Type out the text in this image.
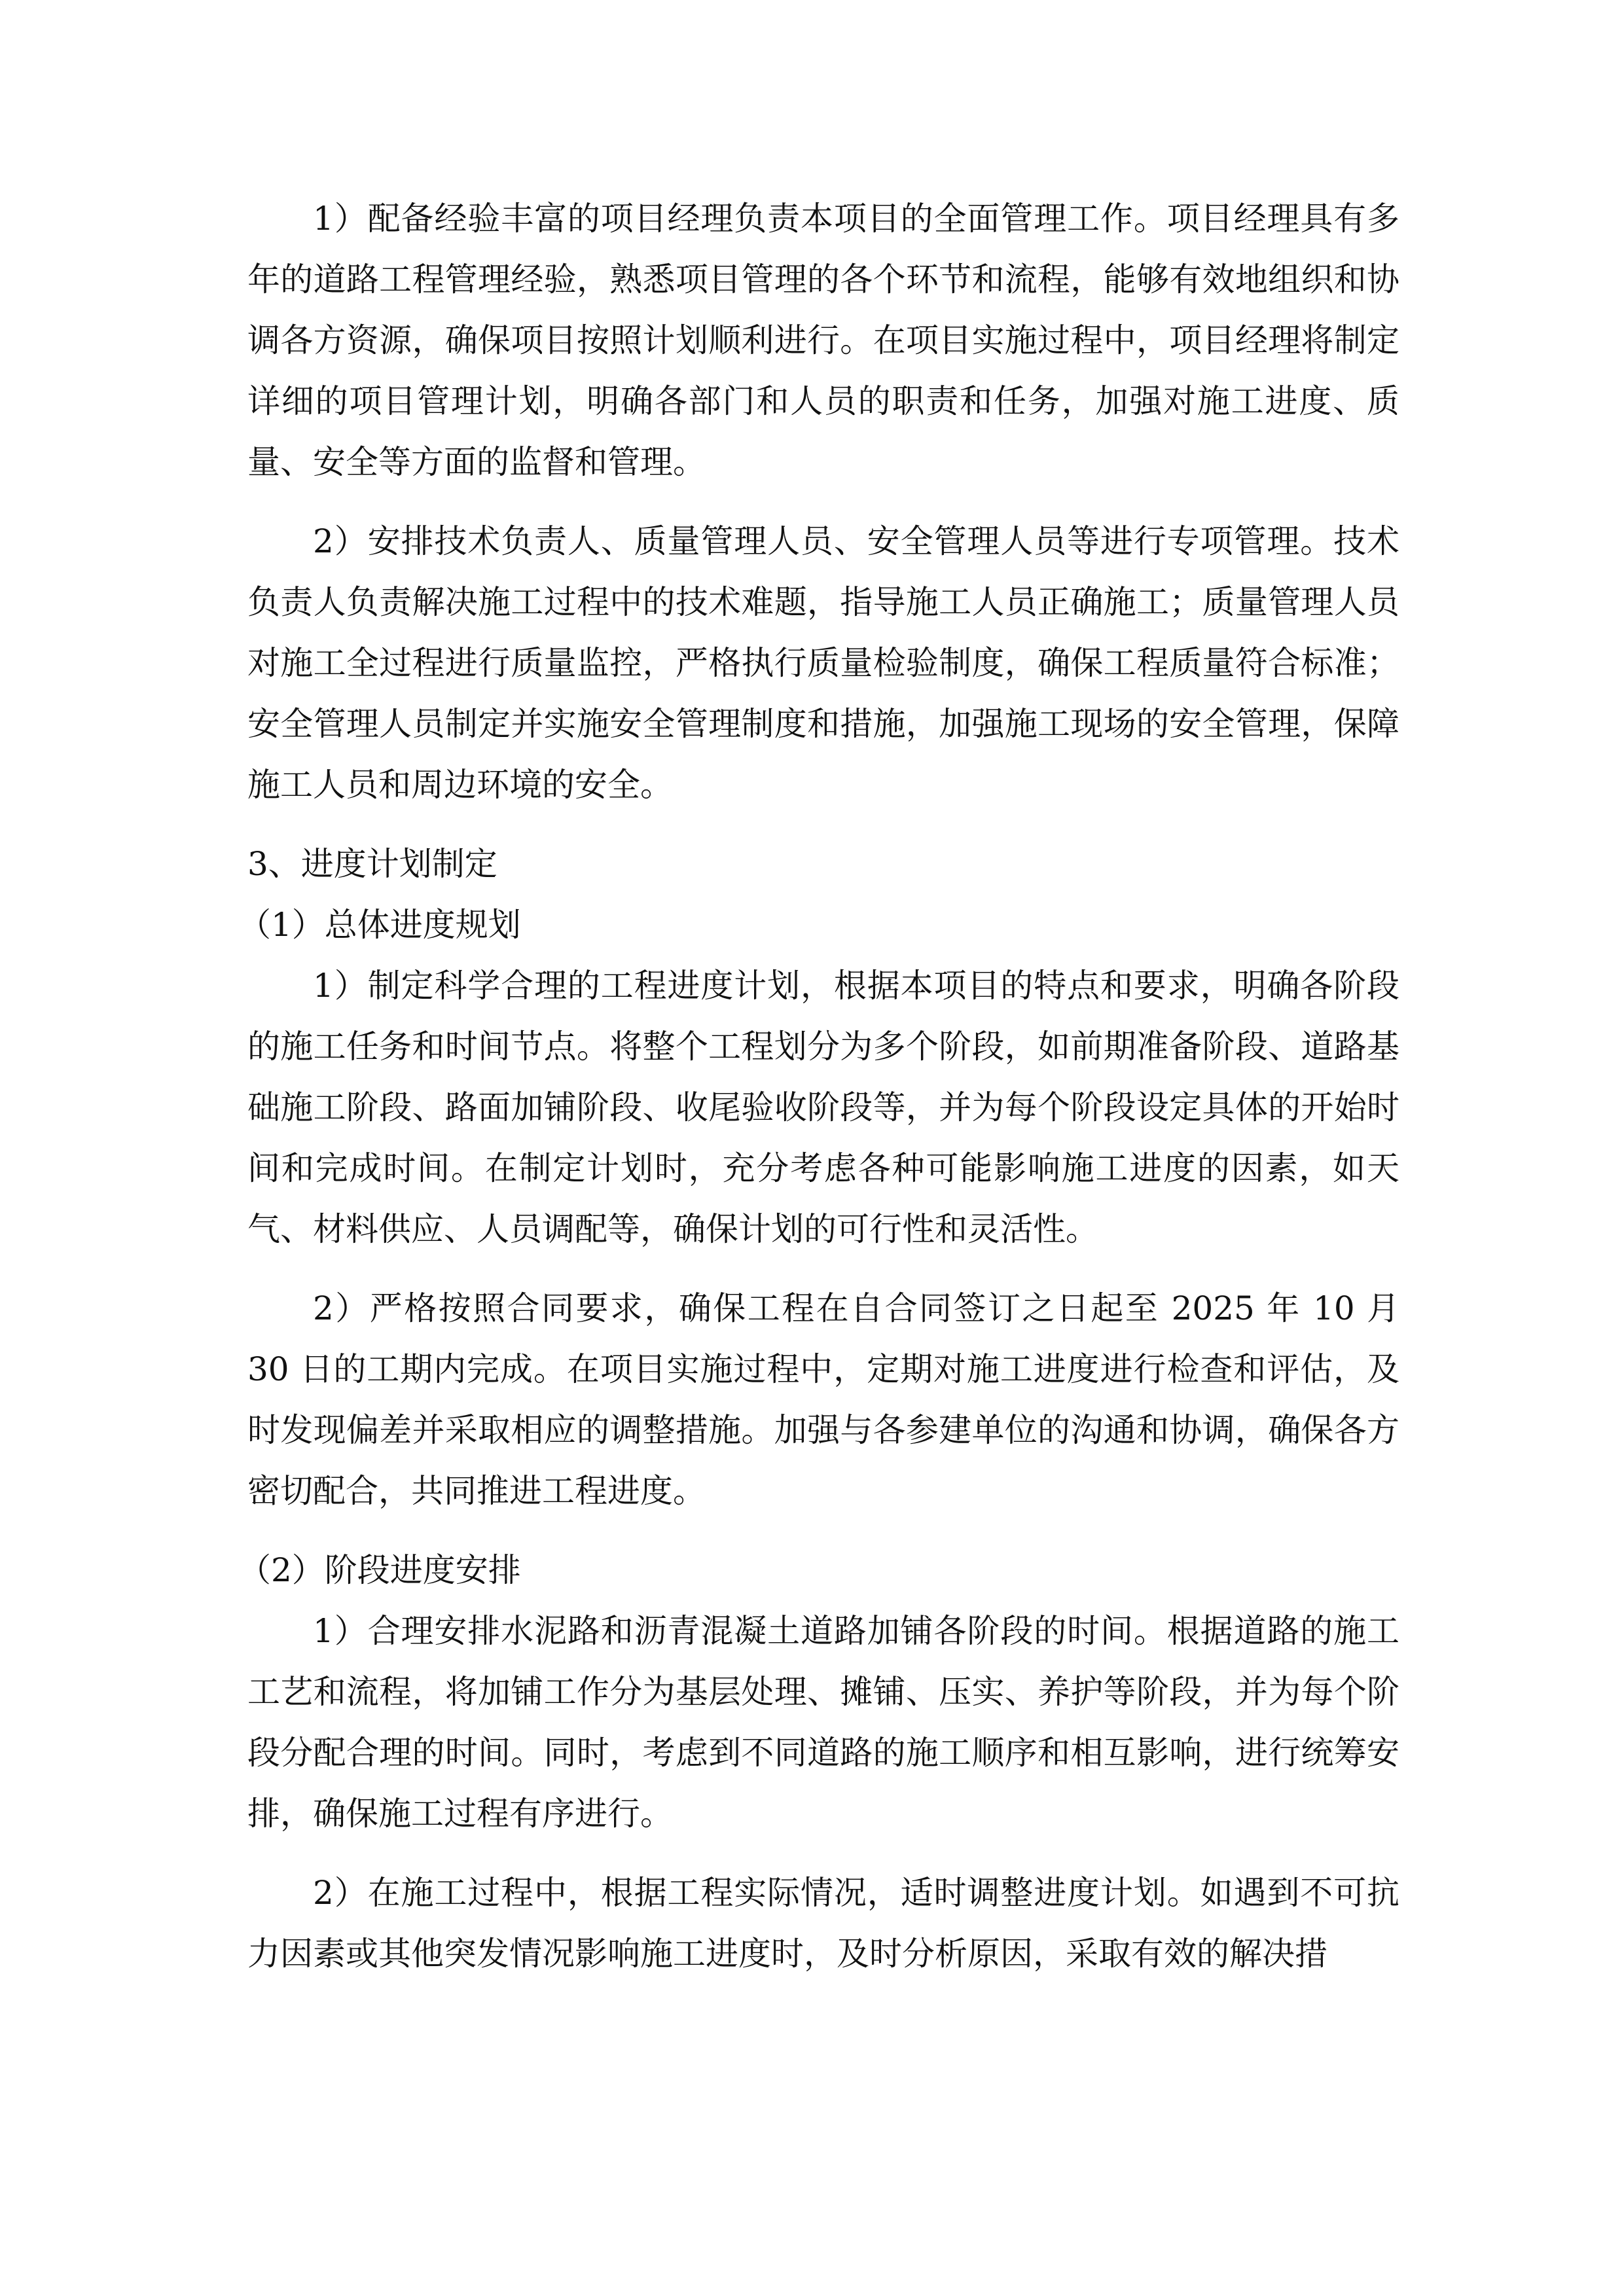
1）配备经验丰富的项目经理负责本项目的全面管理工作。项目经理具有多年的道路工程管理经验，熟悉项目管理的各个环节和流程，能够有效地组织和协调各方资源，确保项目按照计划顺利进行。在项目实施过程中，项目经理将制定详细的项目管理计划，明确各部门和人员的职责和任务，加强对施工进度、质量、安全等方面的监督和管理。

2）安排技术负责人、质量管理人员、安全管理人员等进行专项管理。技术负责人负责解决施工过程中的技术难题，指导施工人员正确施工；质量管理人员对施工全过程进行质量监控，严格执行质量检验制度，确保工程质量符合标准；安全管理人员制定并实施安全管理制度和措施，加强施工现场的安全管理，保障施工人员和周边环境的安全。

3、进度计划制定

（1）总体进度规划

1）制定科学合理的工程进度计划，根据本项目的特点和要求，明确各阶段的施工任务和时间节点。将整个工程划分为多个阶段，如前期准备阶段、道路基础施工阶段、路面加铺阶段、收尾验收阶段等，并为每个阶段设定具体的开始时间和完成时间。在制定计划时，充分考虑各种可能影响施工进度的因素，如天气、材料供应、人员调配等，确保计划的可行性和灵活性。

2）严格按照合同要求，确保工程在自合同签订之日起至 2025 年 10 月 30 日的工期内完成。在项目实施过程中，定期对施工进度进行检查和评估，及时发现偏差并采取相应的调整措施。加强与各参建单位的沟通和协调，确保各方密切配合，共同推进工程进度。

（2）阶段进度安排

1）合理安排水泥路和沥青混凝土道路加铺各阶段的时间。根据道路的施工工艺和流程，将加铺工作分为基层处理、摊铺、压实、养护等阶段，并为每个阶段分配合理的时间。同时，考虑到不同道路的施工顺序和相互影响，进行统筹安排，确保施工过程有序进行。

2）在施工过程中，根据工程实际情况，适时调整进度计划。如遇到不可抗力因素或其他突发情况影响施工进度时，及时分析原因，采取有效的解决措
